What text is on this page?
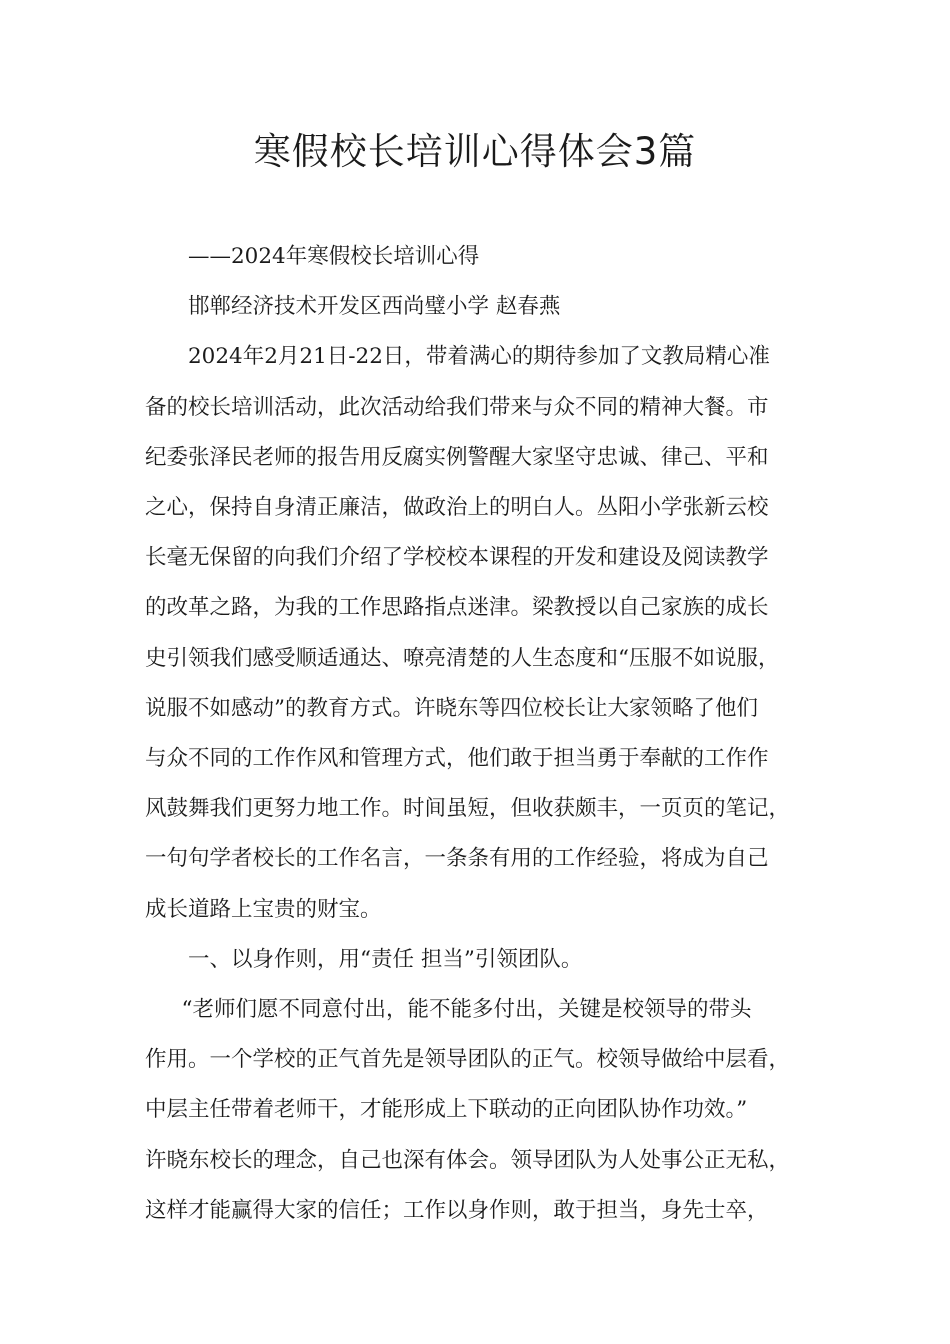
寒假校长培训心得体会3篇

——2024年寒假校长培训心得

邯郸经济技术开发区西尚璧小学 赵春燕

2024年2月21日-22日，带着满心的期待参加了文教局精心准
备的校长培训活动，此次活动给我们带来与众不同的精神大餐。市
纪委张泽民老师的报告用反腐实例警醒大家坚守忠诚、律己、平和
之心，保持自身清正廉洁，做政治上的明白人。丛阳小学张新云校
长毫无保留的向我们介绍了学校校本课程的开发和建设及阅读教学
的改革之路，为我的工作思路指点迷津。梁教授以自己家族的成长
史引领我们感受顺适通达、嘹亮清楚的人生态度和“压服不如说服，
说服不如感动”的教育方式。许晓东等四位校长让大家领略了他们
与众不同的工作作风和管理方式，他们敢于担当勇于奉献的工作作
风鼓舞我们更努力地工作。时间虽短，但收获颇丰，一页页的笔记，
一句句学者校长的工作名言，一条条有用的工作经验，将成为自己
成长道路上宝贵的财宝。

一、以身作则，用“责任 担当”引领团队。

“老师们愿不同意付出，能不能多付出，关键是校领导的带头
作用。一个学校的正气首先是领导团队的正气。校领导做给中层看，
中层主任带着老师干，才能形成上下联动的正向团队协作功效。”
许晓东校长的理念，自己也深有体会。领导团队为人处事公正无私，
这样才能赢得大家的信任；工作以身作则，敢于担当，身先士卒，
